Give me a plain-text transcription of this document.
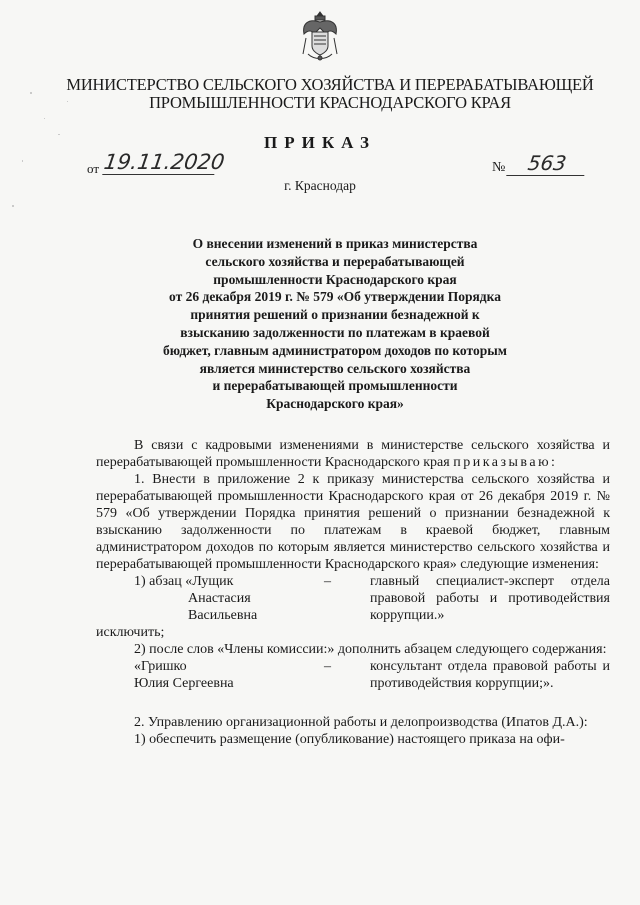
МИНИСТЕРСТВО СЕЛЬСКОГО ХОЗЯЙСТВА И ПЕРЕРАБАТЫВАЮЩЕЙ
ПРОМЫШЛЕННОСТИ КРАСНОДАРСКОГО КРАЯ
ПРИКАЗ
от 19.11.2020	№	563
г. Краснодар
О внесении изменений в приказ министерства
сельского хозяйства и перерабатывающей
промышленности Краснодарского края
от 26 декабря 2019 г. № 579 «Об утверждении Порядка
принятия решений о признании безнадежной к
взысканию задолженности по платежам в краевой
бюджет, главным администратором доходов по которым
является министерство сельского хозяйства
и перерабатывающей промышленности
Краснодарского края»

В связи с кадровыми изменениями в министерстве сельского хозяйства и перерабатывающей промышленности Краснодарского края приказываю:

1. Внести в приложение 2 к приказу министерства сельского хозяйства и перерабатывающей промышленности Краснодарского края от 26 декабря 2019 г. № 579 «Об утверждении Порядка принятия решений о признании безнадежной к взысканию задолженности по платежам в краевой бюджет, главным администратором доходов по которым является министерство сельского хозяйства и перерабатывающей промышленности Краснодарского края» следующие изменения:

1) абзац «Лущик
Анастасия Васильевна
–	главный специалист-эксперт отдела правовой работы и противодействия коррупции.»

исключить;

2) после слов «Члены комиссии:» дополнить абзацем следующего содержания:

«Гришко
Юлия Сергеевна
–	консультант отдела правовой работы и противодействия коррупции;».

2. Управлению организационной работы и делопроизводства (Ипатов Д.А.):

1) обеспечить размещение (опубликование) настоящего приказа на офи-
